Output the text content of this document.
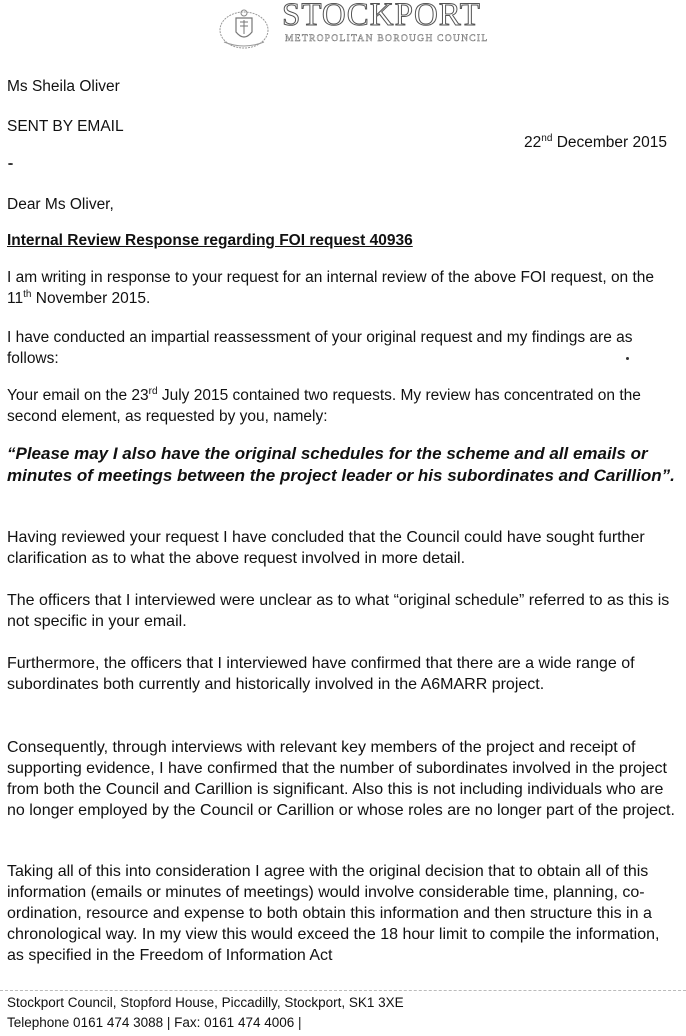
STOCKPORT
METROPOLITAN BOROUGH COUNCIL
Ms Sheila Oliver
SENT BY EMAIL
22nd December 2015
Dear Ms Oliver,
Internal Review Response regarding FOI request 40936
I am writing in response to your request for an internal review of the above FOI request, on the 11th November 2015.
I have conducted an impartial reassessment of your original request and my findings are as follows:
Your email on the 23rd July 2015 contained two requests. My review has concentrated on the second element, as requested by you, namely:
“Please may I also have the original schedules for the scheme and all emails or minutes of meetings between the project leader or his subordinates and Carillion”.
Having reviewed your request I have concluded that the Council could have sought further clarification as to what the above request involved in more detail.
The officers that I interviewed were unclear as to what “original schedule” referred to as this is not specific in your email.
Furthermore, the officers that I interviewed have confirmed that there are a wide range of subordinates both currently and historically involved in the A6MARR project.
Consequently, through interviews with relevant key members of the project and receipt of supporting evidence, I have confirmed that the number of subordinates involved in the project from both the Council and Carillion is significant. Also this is not including individuals who are no longer employed by the Council or Carillion or whose roles are no longer part of the project.
Taking all of this into consideration I agree with the original decision that to obtain all of this information (emails or minutes of meetings) would involve considerable time, planning, co-ordination, resource and expense to both obtain this information and then structure this in a chronological way. In my view this would exceed the 18 hour limit to compile the information, as specified in the Freedom of Information Act
Stockport Council, Stopford House, Piccadilly, Stockport, SK1 3XE
Telephone 0161 474 3088 | Fax: 0161 474 4006 |
